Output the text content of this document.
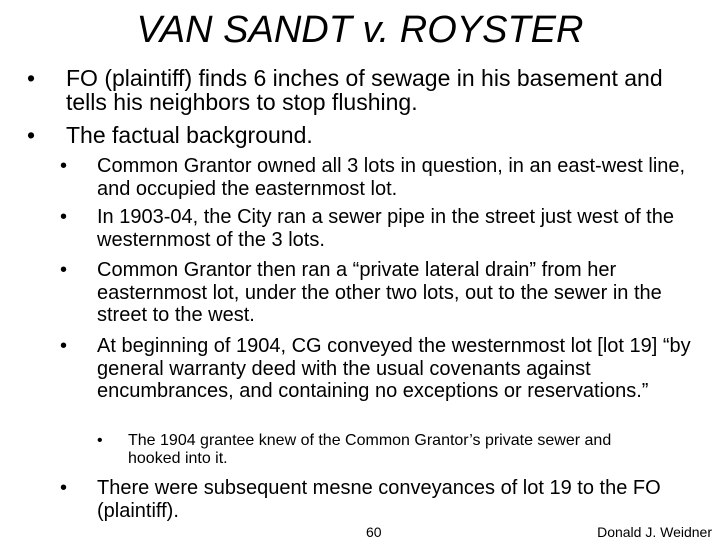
VAN SANDT v. ROYSTER
• FO (plaintiff) finds 6 inches of sewage in his basement and tells his neighbors to stop flushing.
• The factual background.
• Common Grantor owned all 3 lots in question, in an east-west line, and occupied the easternmost lot.
• In 1903-04, the City ran a sewer pipe in the street just west of the westernmost of the 3 lots.
• Common Grantor then ran a “private lateral drain” from her easternmost lot, under the other two lots, out to the sewer in the street to the west.
• At beginning of 1904, CG conveyed the westernmost lot [lot 19] “by general warranty deed with the usual covenants against encumbrances, and containing no exceptions or reservations.”
• The 1904 grantee knew of the Common Grantor’s private sewer and hooked into it.
• There were subsequent mesne conveyances of lot 19 to the FO (plaintiff).
60	Donald J. Weidner
